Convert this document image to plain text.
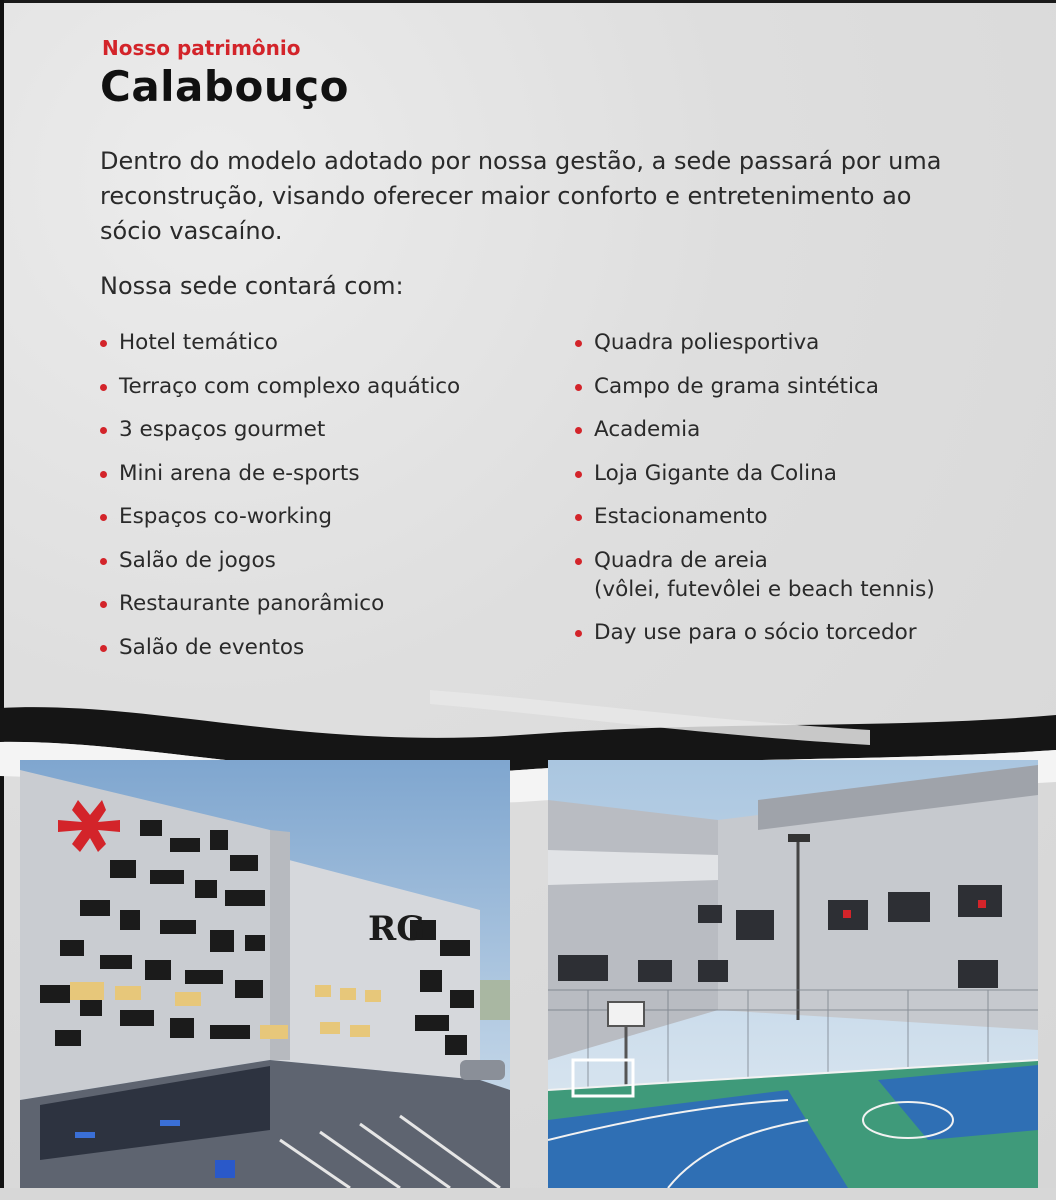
Nosso patrimônio
Calabouço
Dentro do modelo adotado por nossa gestão, a sede passará por uma reconstrução, visando oferecer maior conforto e entretenimento ao sócio vascaíno.
Nossa sede contará com:
Hotel temático
Terraço com complexo aquático
3 espaços gourmet
Mini arena de e-sports
Espaços co-working
Salão de jogos
Restaurante panorâmico
Salão de eventos
Quadra poliesportiva
Campo de grama sintética
Academia
Loja Gigante da Colina
Estacionamento
Quadra de areia
(vôlei, futevôlei e beach tennis)
Day use para o sócio torcedor
RG
